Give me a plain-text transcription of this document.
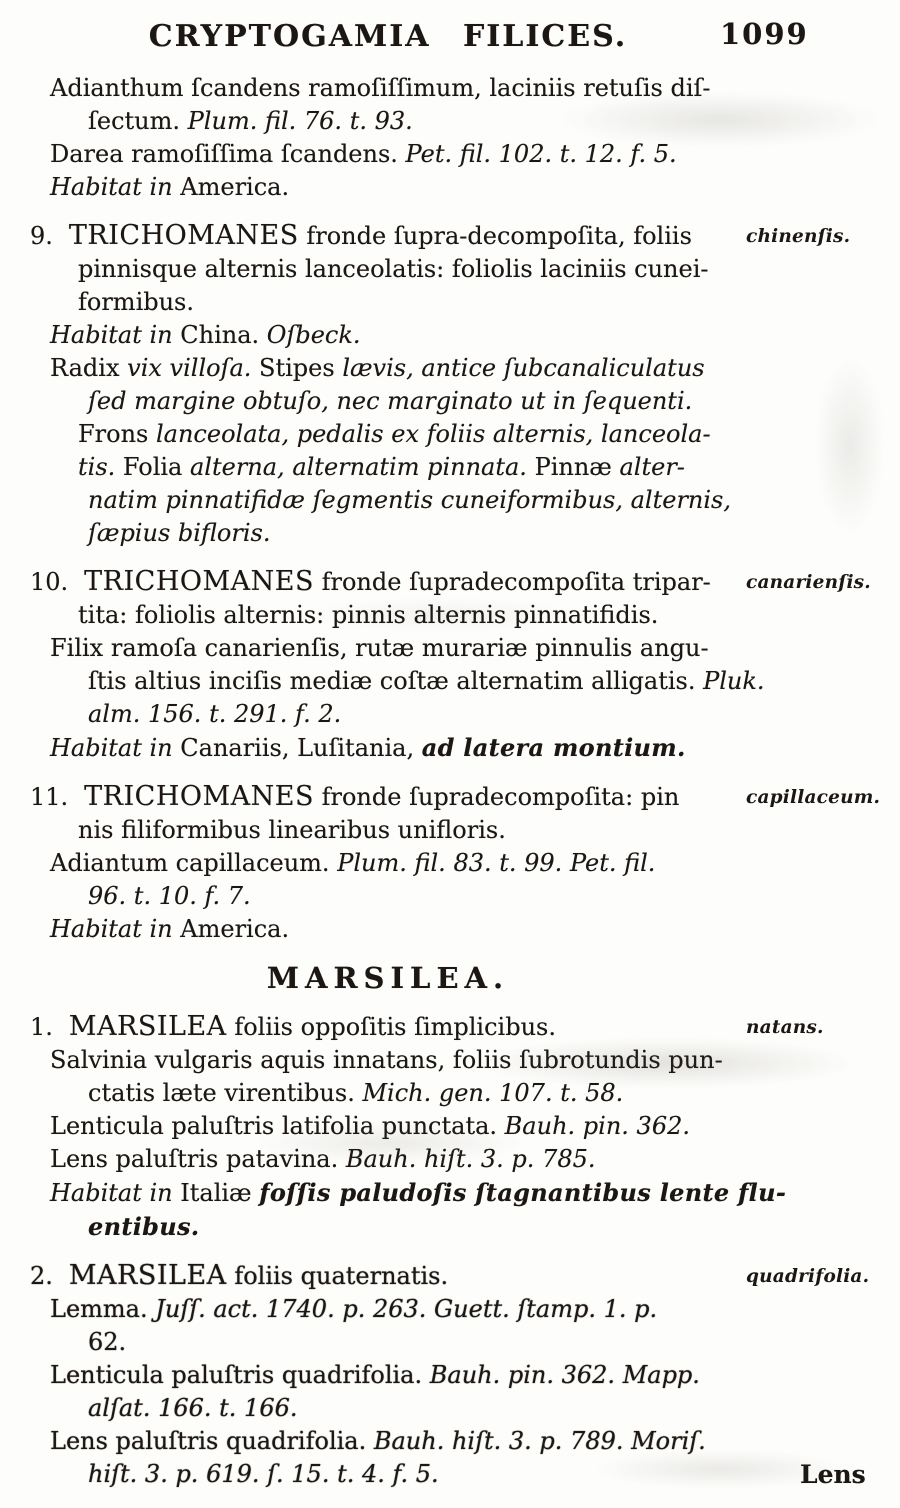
CRYPTOGAMIA FILICES.	1099
Adianthum ſcandens ramoſiſſimum, laciniis retuſis diſ-
ſectum. Plum. fil. 76. t. 93.
Darea ramoſiſſima ſcandens. Pet. fil. 102. t. 12. f. 5.
Habitat in America.
9. TRICHOMANES fronde ſupra-decompoſita, foliis	chinenſis.
pinnisque alternis lanceolatis: foliolis laciniis cunei-
formibus.
Habitat in China. Oſbeck.
Radix vix villoſa. Stipes lævis, antice ſubcanaliculatus
ſed margine obtuſo, nec marginato ut in ſequenti.
Frons lanceolata, pedalis ex foliis alternis, lanceola-
tis. Folia alterna, alternatim pinnata. Pinnæ alter-
natim pinnatifidæ ſegmentis cuneiformibus, alternis,
ſæpius bifloris.
10. TRICHOMANES fronde ſupradecompoſita tripar- canarienſis.
tita: foliolis alternis: pinnis alternis pinnatifidis.
Filix ramoſa canarienſis, rutæ murariæ pinnulis angu-
ſtis altius inciſis mediæ coſtæ alternatim alligatis. Pluk.
alm. 156. t. 291. f. 2.
Habitat in Canariis, Luſitania, ad latera montium.
11. TRICHOMANES fronde ſupradecompoſita: pin	capillaceum.
nis filiformibus linearibus unifloris.
Adiantum capillaceum. Plum. fil. 83. t. 99. Pet. fil.
96. t. 10. f. 7.
Habitat in America.
MARSILEA.
1. MARSILEA foliis oppoſitis ſimplicibus.	natans.
Salvinia vulgaris aquis innatans, foliis ſubrotundis pun-
ctatis læte virentibus. Mich. gen. 107. t. 58.
Lenticula paluſtris latifolia punctata. Bauh. pin. 362.
Lens paluſtris patavina. Bauh. hiſt. 3. p. 785.
Habitat in Italiæ foſſis paludoſis ſtagnantibus lente flu-
entibus.
2. MARSILEA foliis quaternatis.	quadrifolia.
Lemma. Juſſ. act. 1740. p. 263. Guett. ſtamp. 1. p.
62.
Lenticula paluſtris quadrifolia. Bauh. pin. 362. Mapp.
alſat. 166. t. 166.
Lens paluſtris quadrifolia. Bauh. hiſt. 3. p. 789. Moriſ.
hiſt. 3. p. 619. ſ. 15. t. 4. f. 5.	Lens
